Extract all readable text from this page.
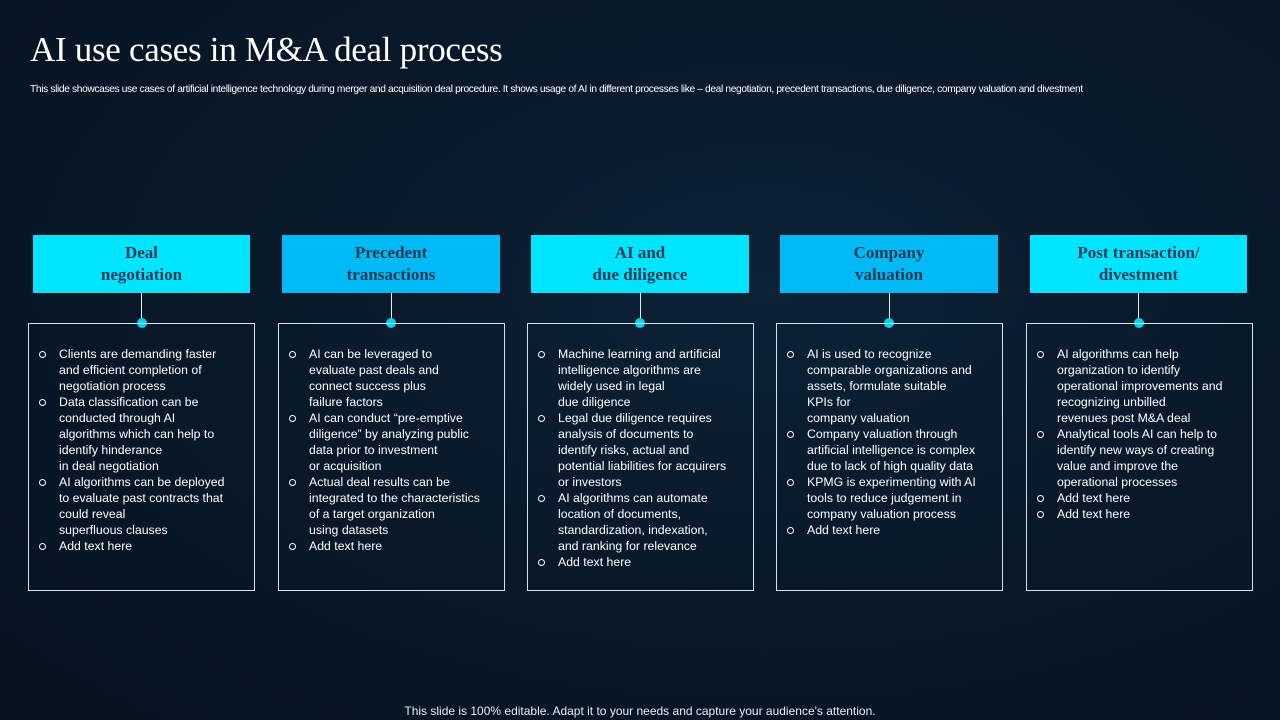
AI use cases in M&A deal process
This slide showcases use cases of artificial intelligence technology during merger and acquisition deal procedure. It shows usage of AI in different processes like – deal negotiation, precedent transactions, due diligence, company valuation and divestment
Deal
negotiation
Clients are demanding faster
and efficient completion of
negotiation process
Data classification can be
conducted through AI
algorithms which can help to
identify hinderance
in deal negotiation
AI algorithms can be deployed
to evaluate past contracts that
could reveal
superfluous clauses
Add text here
Precedent
transactions
AI can be leveraged to
evaluate past deals and
connect success plus
failure factors
AI can conduct “pre-emptive
diligence” by analyzing public
data prior to investment
or acquisition
Actual deal results can be
integrated to the characteristics
of a target organization
using datasets
Add text here
AI and
due diligence
Machine learning and artificial
intelligence algorithms are
widely used in legal
due diligence
Legal due diligence requires
analysis of documents to
identify risks, actual and
potential liabilities for acquirers
or investors
AI algorithms can automate
location of documents,
standardization, indexation,
and ranking for relevance
Add text here
Company
valuation
AI is used to recognize
comparable organizations and
assets, formulate suitable
KPIs for
company valuation
Company valuation through
artificial intelligence is complex
due to lack of high quality data
KPMG is experimenting with AI
tools to reduce judgement in
company valuation process
Add text here
Post transaction/
divestment
AI algorithms can help
organization to identify
operational improvements and
recognizing unbilled
revenues post M&A deal
Analytical tools AI can help to
identify new ways of creating
value and improve the
operational processes
Add text here
Add text here
This slide is 100% editable. Adapt it to your needs and capture your audience's attention.
